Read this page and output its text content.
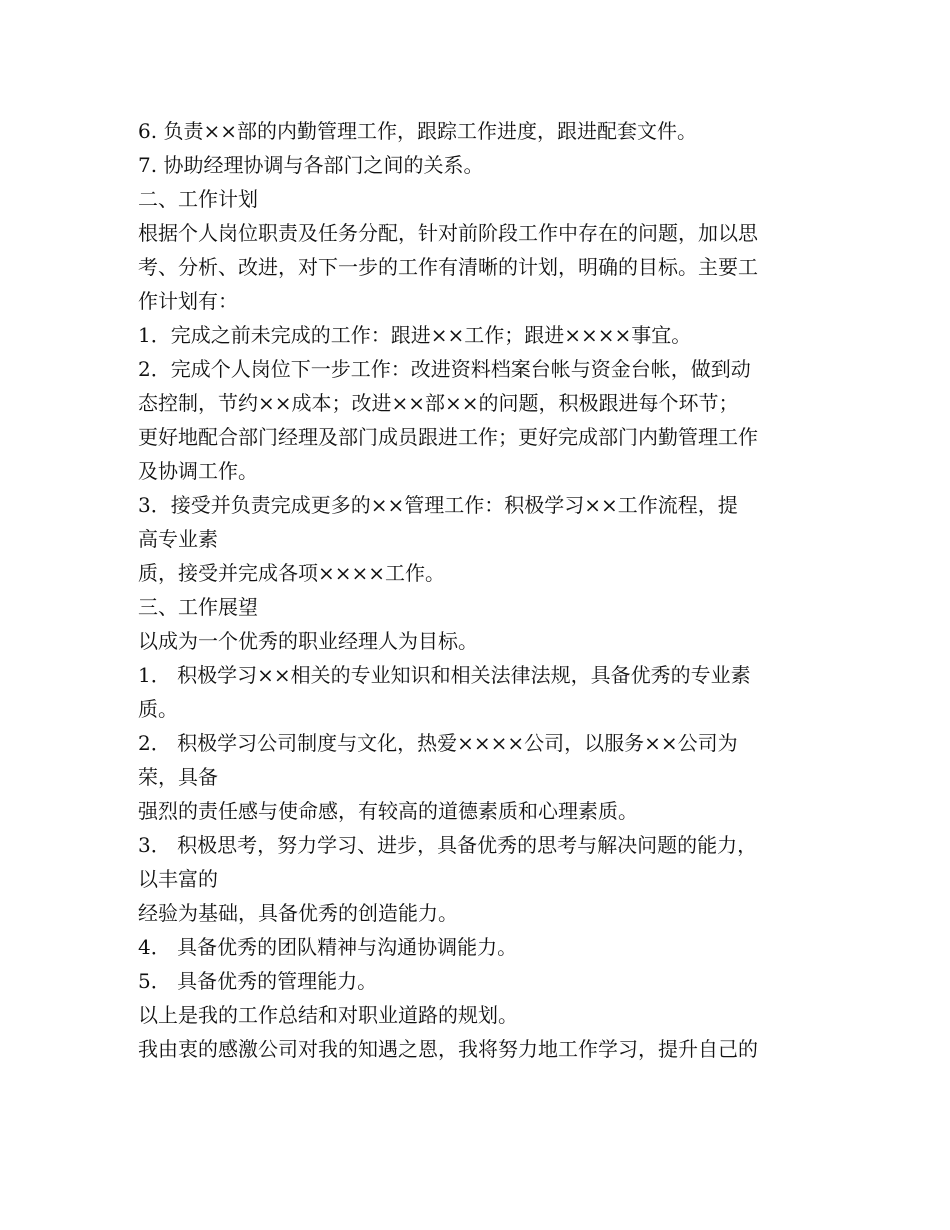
6. 负责××部的内勤管理工作，跟踪工作进度，跟进配套文件。
7. 协助经理协调与各部门之间的关系。
二、工作计划
根据个人岗位职责及任务分配，针对前阶段工作中存在的问题，加以思
考、分析、改进，对下一步的工作有清晰的计划，明确的目标。主要工
作计划有：
1．完成之前未完成的工作：跟进××工作；跟进××××事宜。
2．完成个人岗位下一步工作：改进资料档案台帐与资金台帐，做到动
态控制，节约××成本；改进××部××的问题，积极跟进每个环节；
更好地配合部门经理及部门成员跟进工作；更好完成部门内勤管理工作
及协调工作。
3．接受并负责完成更多的××管理工作：积极学习××工作流程，提
高专业素
质，接受并完成各项××××工作。
三、工作展望
以成为一个优秀的职业经理人为目标。
1． 积极学习××相关的专业知识和相关法律法规，具备优秀的专业素
质。
2． 积极学习公司制度与文化，热爱××××公司，以服务××公司为
荣，具备
强烈的责任感与使命感，有较高的道德素质和心理素质。
3． 积极思考，努力学习、进步，具备优秀的思考与解决问题的能力，
以丰富的
经验为基础，具备优秀的创造能力。
4． 具备优秀的团队精神与沟通协调能力。
5． 具备优秀的管理能力。
以上是我的工作总结和对职业道路的规划。
我由衷的感激公司对我的知遇之恩，我将努力地工作学习，提升自己的
